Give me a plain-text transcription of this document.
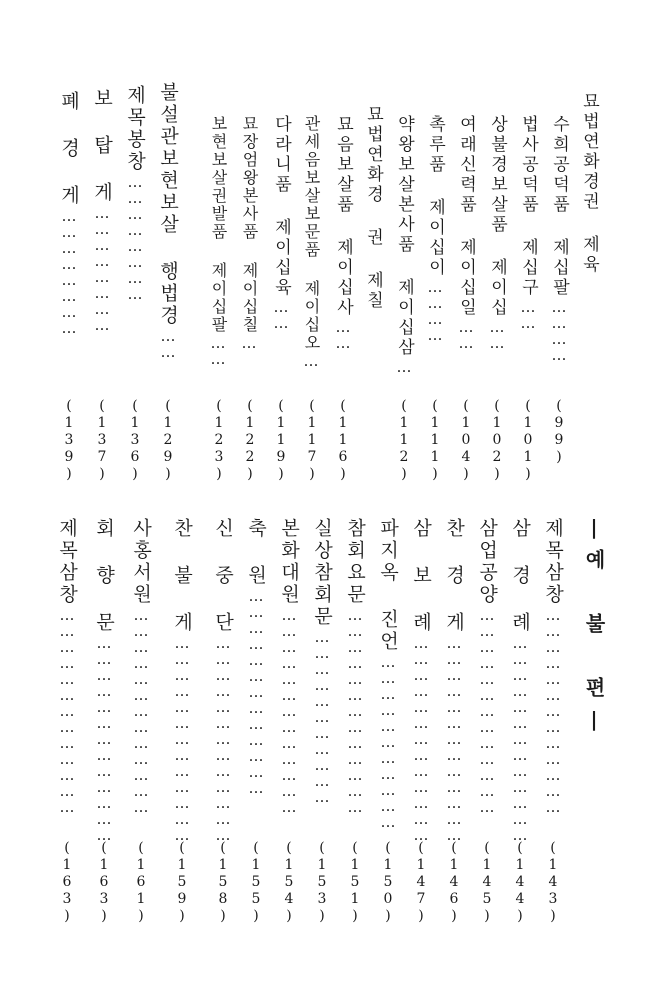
묘법연화경권 제육
수희공덕품 제십팔…………
법사공덕품 제십구……
상불경보살품 제이십……
여래신력품 제이십일……
촉루품 제이십이…………
약왕보살본사품 제이십삼…
묘법연화경 권 제칠
묘음보살품 제이십사……
관세음보살보문품 제이십오…
다라니품 제이십육……
묘장엄왕본사품 제이십칠…
보현보살권발품 제이십팔……
불설관보현보살 행법경……
제목봉창……………………
보 탑 게……………………
폐 경 게……………………
(99)
(101)
(102)
(104)
(111)
(112)
(116)
(117)
(119)
(122)
(123)
(129)
(136)
(137)
(139)
|예 불 편|
제목삼창…………………………………
삼 경 례…………………………………
삼업공양…………………………………
찬 경 게…………………………………
삼 보 례…………………………………
파지옥 진언……………………………
참회요문…………………………………
실상참회문……………………………
본화대원…………………………………
축 원…………………………………
신 중 단…………………………………
찬 불 게…………………………………
사홍서원…………………………………
회 향 문…………………………………
제목삼창…………………………………
(143)
(144)
(145)
(146)
(147)
(150)
(151)
(153)
(154)
(155)
(158)
(159)
(161)
(163)
(163)
